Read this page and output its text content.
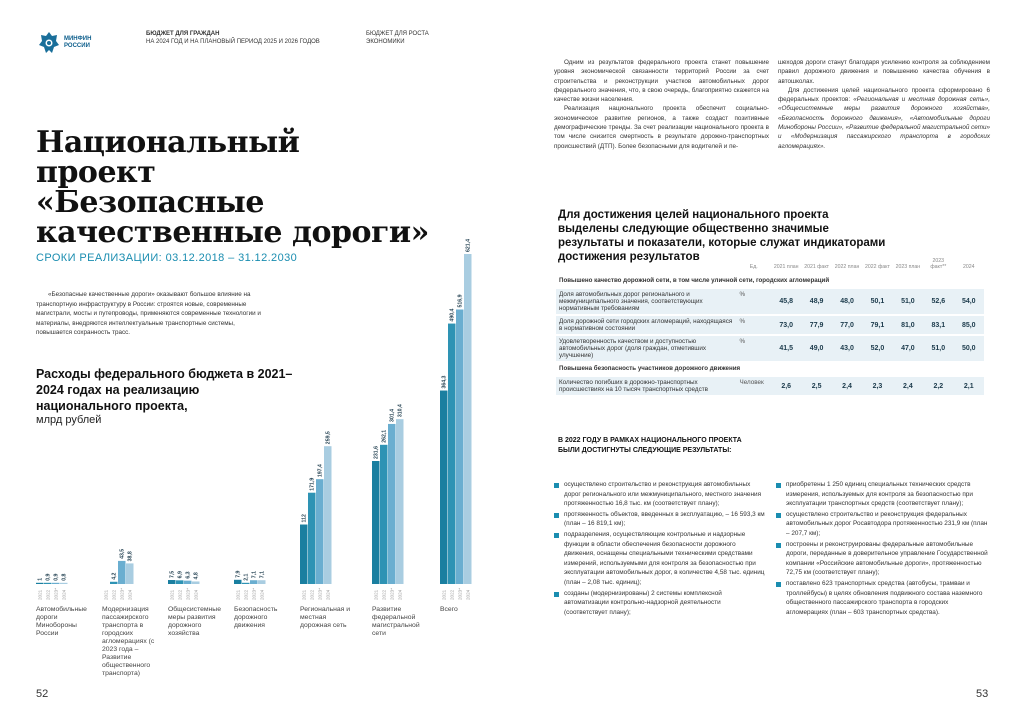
МИНФИН РОССИИ
БЮДЖЕТ ДЛЯ ГРАЖДАН
НА 2024 ГОД И НА ПЛАНОВЫЙ ПЕРИОД 2025 И 2026 ГОДОВ
БЮДЖЕТ ДЛЯ РОСТА
ЭКОНОМИКИ
Национальный
проект
«Безопасные
качественные дороги»
СРОКИ РЕАЛИЗАЦИИ: 03.12.2018 – 31.12.2030

«Безопасные качественные дороги» оказывают большое влияние на транспортную инфраструктуру в России: строятся новые, современные магистрали, мосты и путепроводы, применяются современные технологии и материалы, внедряются интеллектуальные транспортные системы, повышается сохранность трасс.

Расходы федерального бюджета в 2021–2024 годах на реализацию национального проекта,
млрд рублей
2021
1
2022
0,9
2023*
0,9
2024
0,8
2021 2022
4,2
2023*
43,5
2024
38,8
2021
7,5
2022
6,9
2023*
6,3
2024
4,8
2021
7,9
2022
2,1
2023*
7,1
2024
7,1
2021
112
2022
171,9
2023*
197,4
2024
259,5
2021
231,6
2022
262,1
2023*
301,4
2024
310,4
2021
364,3
2022
490,4
2023*
516,9
2024
621,4
Автомобильные дороги Минобороны России
Модернизация пассажирского транспорта в городских агломерациях (с 2023 года – Развитие общественного транспорта)
Общесистемные меры развития дорожного хозяйства
Безопасность дорожного движения
Региональная и местная дорожная сеть
Развитие федеральной магистральной сети
Всего
52

Одним из результатов федерального проекта станет повышение уровня экономической связанности территорий России за счет строительства и реконструкции участков автомобильных дорог федерального значения, что, в свою очередь, благоприятно скажется на качестве жизни населения.

Реализация национального проекта обеспечит социально-экономическое развитие регионов, а также создаст позитивные демографические тренды. За счет реализации национального проекта в том числе снизится смертность в результате дорожно-транспортных происшествий (ДТП). Более безопасными для водителей и пе-

шеходов дороги станут благодаря усилению контроля за соблюдением правил дорожного движения и повышению качества обучения в автошколах.

Для достижения целей национального проекта сформировано 6 федеральных проектов: «Региональная и местная дорожная сеть», «Общесистемные меры развития дорожного хозяйства», «Безопасность дорожного движения», «Автомобильные дороги Минобороны России», «Развитие федеральной магистральной сети» и «Модернизация пассажирского транспорта в городских агломерациях».

Для достижения целей национального проекта выделены следующие общественно значимые результаты и показатели, которые служат индикаторами достижения результатов
	Ед.	2021 план	2021 факт	2022 план	2022 факт	2023 план	2023 факт**	2024
Повышено качество дорожной сети, в том числе уличной сети, городских агломераций								
Доля автомобильных дорог регионального и межмуниципального значения, соответствующих нормативным требованиям	%	45,8	48,9	48,0	50,1	51,0	52,6	54,0
Доля дорожной сети городских агломераций, находящаяся в нормативном состоянии	%	73,0	77,9	77,0	79,1	81,0	83,1	85,0
Удовлетворенность качеством и доступностью автомобильных дорог (доля граждан, отметивших улучшение)	%	41,5	49,0	43,0	52,0	47,0	51,0	50,0
Повышена безопасность участников дорожного движения								
Количество погибших в дорожно-транспортных происшествиях на 10 тысяч транспортных средств	Человек	2,6	2,5	2,4	2,3	2,4	2,2	2,1
В 2022 ГОДУ В РАМКАХ НАЦИОНАЛЬНОГО ПРОЕКТА БЫЛИ ДОСТИГНУТЫ СЛЕДУЮЩИЕ РЕЗУЛЬТАТЫ:
осуществлено строительство и реконструкция автомобильных дорог регионального или межмуниципального, местного значения протяженностью 16,8 тыс. км (соответствует плану);
протяженность объектов, введенных в эксплуатацию, – 16 593,3 км (план – 16 819,1 км);
подразделения, осуществляющие контрольные и надзорные функции в области обеспечения безопасности дорожного движения, оснащены специальными техническими средствами измерений, используемыми для контроля за безопасностью при эксплуатации автомобильных дорог, в количестве 4,58 тыс. единиц (план – 2,08 тыс. единиц);
созданы (модернизированы) 2 системы комплексной автоматизации контрольно-надзорной деятельности (соответствует плану);
приобретены 1 250 единиц специальных технических средств измерения, используемых для контроля за безопасностью при эксплуатации транспортных средств (соответствует плану);
осуществлено строительство и реконструкция федеральных автомобильных дорог Росавтодора протяженностью 231,9 км (план – 207,7 км);
построены и реконструированы федеральные автомобильные дороги, переданные в доверительное управление Государственной компании «Российские автомобильные дороги», протяженностью 72,75 км (соответствует плану);
поставлено 623 транспортных средства (автобусы, трамваи и троллейбусы) в целях обновления подвижного состава наземного общественного пассажирского транспорта в городских агломерациях (план – 603 транспортных средства).
53
